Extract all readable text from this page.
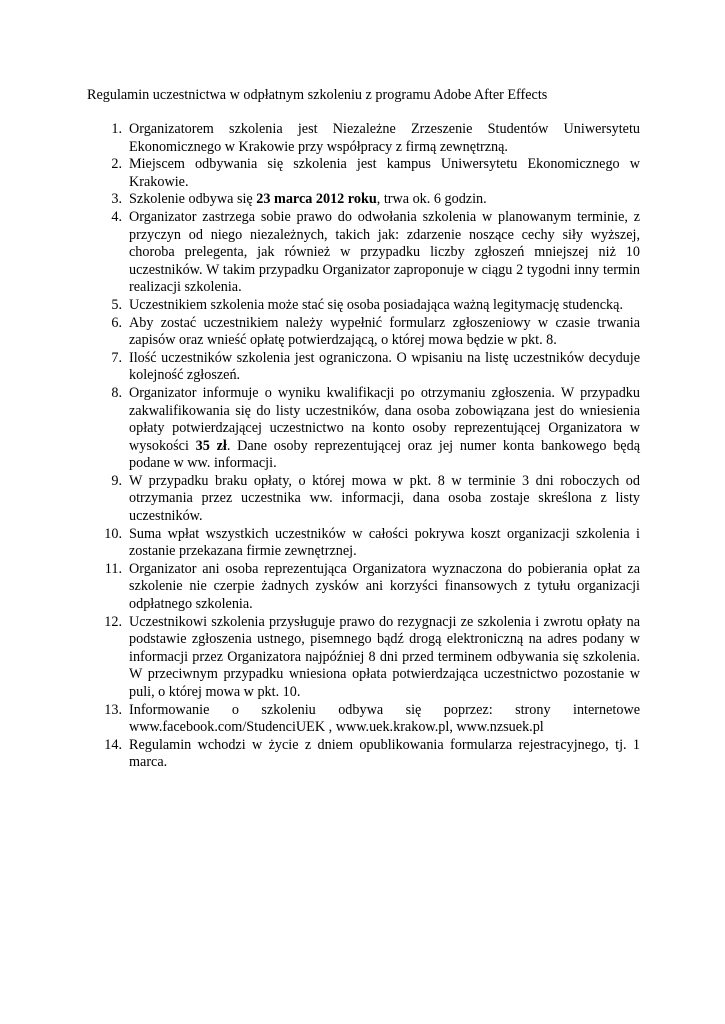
Regulamin uczestnictwa w odpłatnym szkoleniu z programu Adobe After Effects
1. Organizatorem szkolenia jest Niezależne Zrzeszenie Studentów Uniwersytetu Ekonomicznego w Krakowie przy współpracy z firmą zewnętrzną.
2. Miejscem odbywania się szkolenia jest kampus Uniwersytetu Ekonomicznego w Krakowie.
3. Szkolenie odbywa się 23 marca 2012 roku, trwa ok. 6 godzin.
4. Organizator zastrzega sobie prawo do odwołania szkolenia w planowanym terminie, z przyczyn od niego niezależnych, takich jak: zdarzenie noszące cechy siły wyższej, choroba prelegenta, jak również w przypadku liczby zgłoszeń mniejszej niż 10 uczestników. W takim przypadku Organizator zaproponuje w ciągu 2 tygodni inny termin realizacji szkolenia.
5. Uczestnikiem szkolenia może stać się osoba posiadająca ważną legitymację studencką.
6. Aby zostać uczestnikiem należy wypełnić formularz zgłoszeniowy w czasie trwania zapisów oraz wnieść opłatę potwierdzającą, o której mowa będzie w pkt. 8.
7. Ilość uczestników szkolenia jest ograniczona. O wpisaniu na listę uczestników decyduje kolejność zgłoszeń.
8. Organizator informuje o wyniku kwalifikacji po otrzymaniu zgłoszenia. W przypadku zakwalifikowania się do listy uczestników, dana osoba zobowiązana jest do wniesienia opłaty potwierdzającej uczestnictwo na konto osoby reprezentującej Organizatora w wysokości 35 zł. Dane osoby reprezentującej oraz jej numer konta bankowego będą podane w ww. informacji.
9. W przypadku braku opłaty, o której mowa w pkt. 8 w terminie 3 dni roboczych od otrzymania przez uczestnika ww. informacji, dana osoba zostaje skreślona z listy uczestników.
10. Suma wpłat wszystkich uczestników w całości pokrywa koszt organizacji szkolenia i zostanie przekazana firmie zewnętrznej.
11. Organizator ani osoba reprezentująca Organizatora wyznaczona do pobierania opłat za szkolenie nie czerpie żadnych zysków ani korzyści finansowych z tytułu organizacji odpłatnego szkolenia.
12. Uczestnikowi szkolenia przysługuje prawo do rezygnacji ze szkolenia i zwrotu opłaty na podstawie zgłoszenia ustnego, pisemnego bądź drogą elektroniczną na adres podany w informacji przez Organizatora najpóźniej 8 dni przed terminem odbywania się szkolenia. W przeciwnym przypadku wniesiona opłata potwierdzająca uczestnictwo pozostanie w puli, o której mowa w pkt. 10.
13. Informowanie o szkoleniu odbywa się poprzez: strony internetowe www.facebook.com/StudenciUEK , www.uek.krakow.pl, www.nzsuek.pl
14. Regulamin wchodzi w życie z dniem opublikowania formularza rejestracyjnego, tj. 1 marca.
